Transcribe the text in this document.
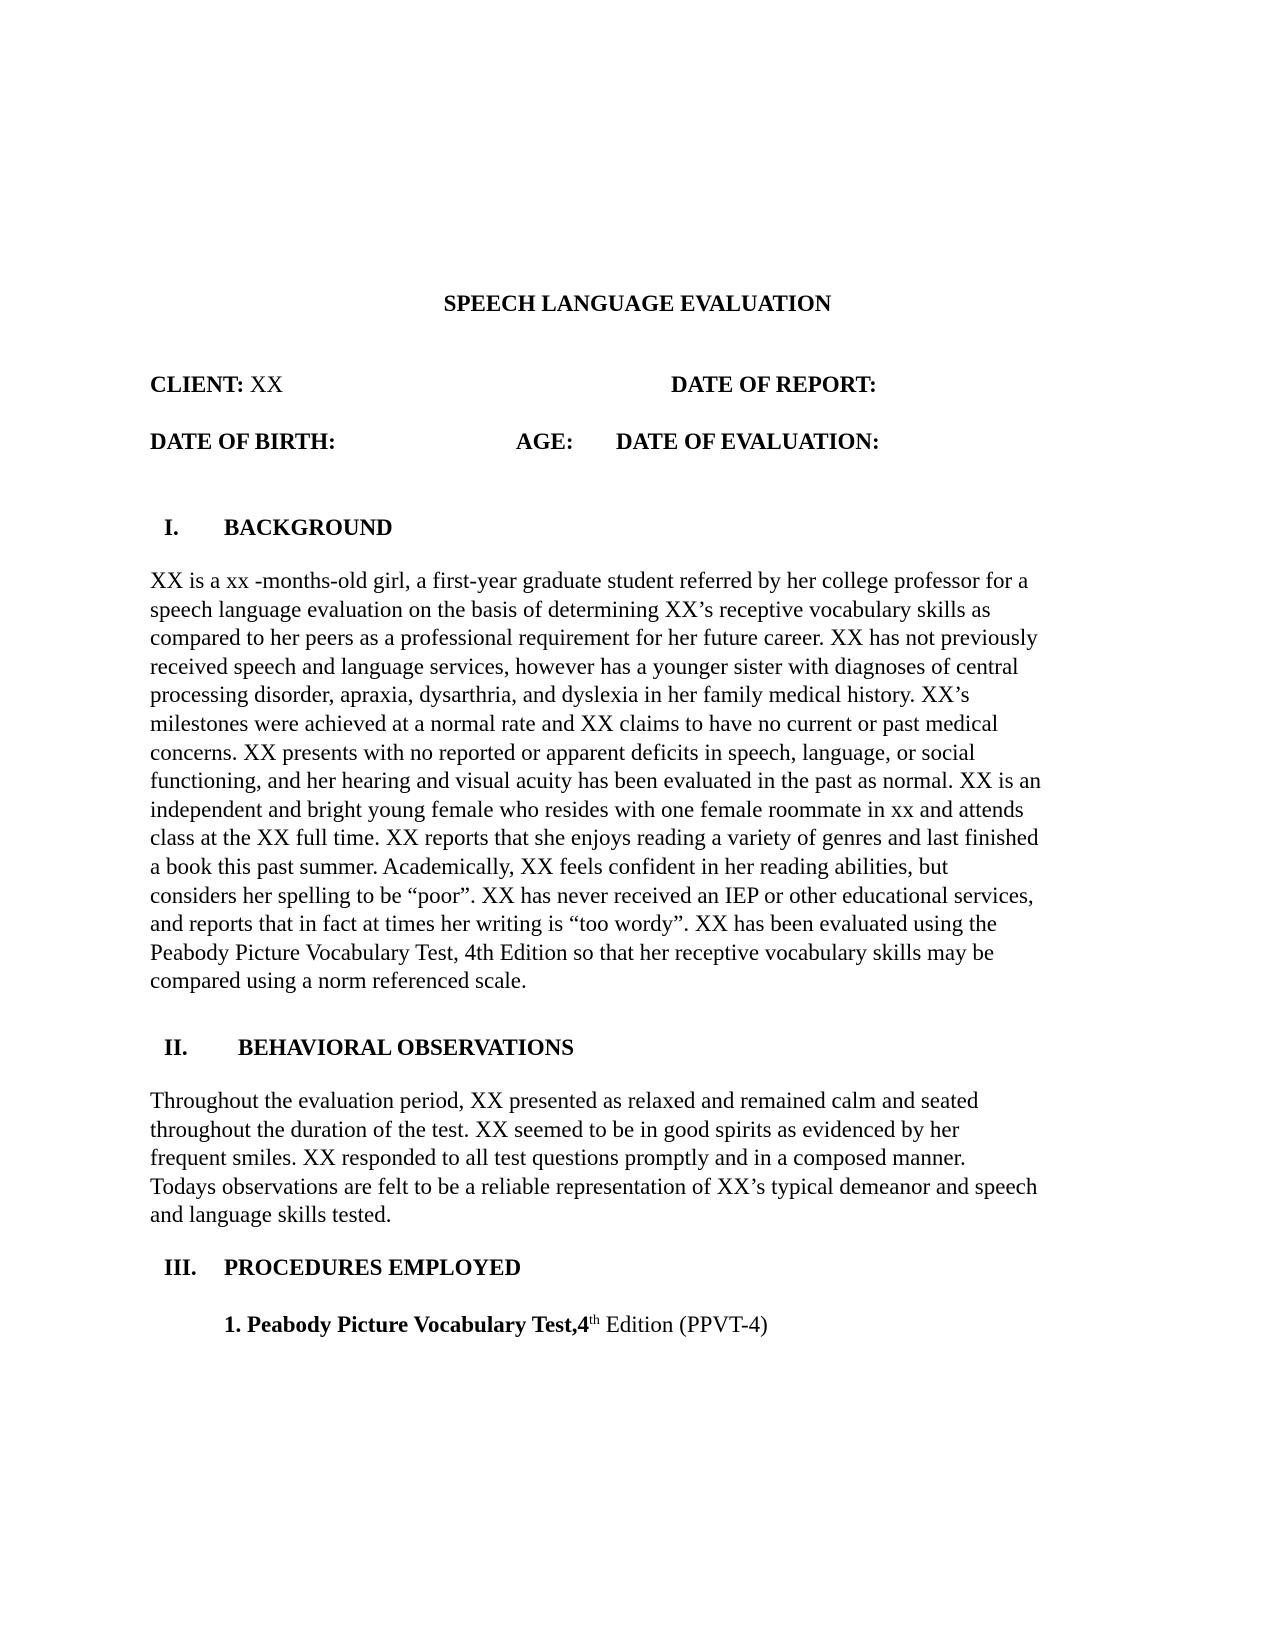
SPEECH LANGUAGE EVALUATION
CLIENT: XX	DATE OF REPORT:
DATE OF BIRTH:	AGE: DATE OF EVALUATION:
I. BACKGROUND
XX is a xx -months-old girl, a first-year graduate student referred by her college professor for a
speech language evaluation on the basis of determining XX’s receptive vocabulary skills as
compared to her peers as a professional requirement for her future career. XX has not previously
received speech and language services, however has a younger sister with diagnoses of central
processing disorder, apraxia, dysarthria, and dyslexia in her family medical history. XX’s
milestones were achieved at a normal rate and XX claims to have no current or past medical
concerns. XX presents with no reported or apparent deficits in speech, language, or social
functioning, and her hearing and visual acuity has been evaluated in the past as normal. XX is an
independent and bright young female who resides with one female roommate in xx and attends
class at the XX full time. XX reports that she enjoys reading a variety of genres and last finished
a book this past summer. Academically, XX feels confident in her reading abilities, but
considers her spelling to be “poor”. XX has never received an IEP or other educational services,
and reports that in fact at times her writing is “too wordy”. XX has been evaluated using the
Peabody Picture Vocabulary Test, 4th Edition so that her receptive vocabulary skills may be
compared using a norm referenced scale.
II. BEHAVIORAL OBSERVATIONS
Throughout the evaluation period, XX presented as relaxed and remained calm and seated
throughout the duration of the test. XX seemed to be in good spirits as evidenced by her
frequent smiles. XX responded to all test questions promptly and in a composed manner.
Todays observations are felt to be a reliable representation of XX’s typical demeanor and speech
and language skills tested.
III. PROCEDURES EMPLOYED
1. Peabody Picture Vocabulary Test,4th Edition (PPVT-4)
